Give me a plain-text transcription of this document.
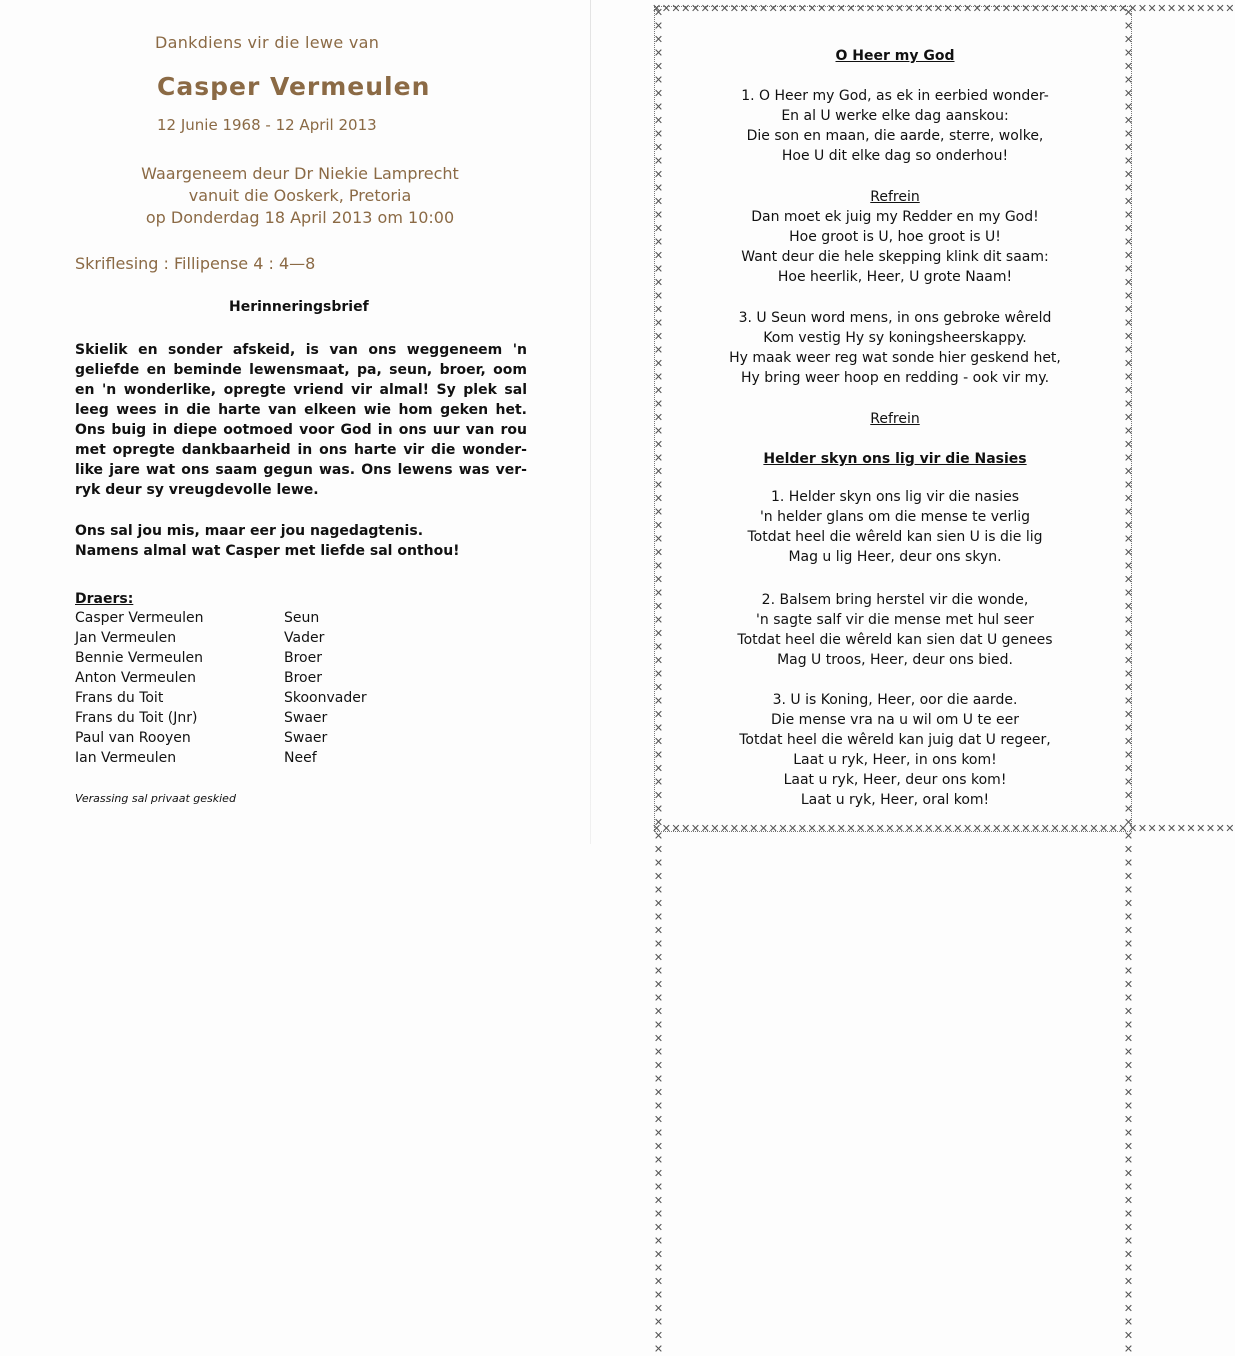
Dankdiens vir die lewe van
Casper Vermeulen
12 Junie 1968 - 12 April 2013
Waargeneem deur Dr Niekie Lamprecht
vanuit die Ooskerk, Pretoria
op Donderdag 18 April 2013 om 10:00
Skriflesing : Fillipense 4 : 4—8
Herinneringsbrief
Skielik en sonder afskeid, is van ons weggeneem 'n geliefde en beminde lewensmaat, pa, seun, broer, oom en 'n wonderlike, opregte vriend vir almal! Sy plek sal leeg wees in die harte van elkeen wie hom geken het. Ons buig in diepe ootmoed voor God in ons uur van rou met opregte dankbaarheid in ons harte vir die wonder-like jare wat ons saam gegun was. Ons lewens was ver-ryk deur sy vreugdevolle lewe.
Ons sal jou mis, maar eer jou nagedagtenis.
Namens almal wat Casper met liefde sal onthou!
Draers:
Casper Vermeulen	Seun
Jan Vermeulen	Vader
Bennie Vermeulen	Broer
Anton Vermeulen	Broer
Frans du Toit	Skoonvader
Frans du Toit (Jnr)	Swaer
Paul van Rooyen	Swaer
Ian Vermeulen	Neef
Verassing sal privaat geskied
✕✕✕✕✕✕✕✕✕✕✕✕✕✕✕✕✕✕✕✕✕✕✕✕✕✕✕✕✕✕✕✕✕✕✕✕✕✕✕✕✕✕✕✕✕✕✕✕✕✕✕✕✕✕✕✕✕✕✕✕
✕✕✕✕✕✕✕✕✕✕✕✕✕✕✕✕✕✕✕✕✕✕✕✕✕✕✕✕✕✕✕✕✕✕✕✕✕✕✕✕✕✕✕✕✕✕✕✕✕✕✕✕✕✕✕✕✕✕✕✕
✕✕✕✕✕✕✕✕✕✕✕✕✕✕✕✕✕✕✕✕✕✕✕✕✕✕✕✕✕✕✕✕✕✕✕✕✕✕✕✕✕✕✕✕✕✕✕✕✕✕✕✕✕✕✕✕✕✕✕✕✕✕✕✕✕✕✕✕✕✕✕✕✕✕✕✕✕✕✕✕✕✕✕✕✕✕✕✕✕✕✕✕✕✕✕✕✕✕✕✕	✕✕✕✕✕✕✕✕✕✕✕✕✕✕✕✕✕✕✕✕✕✕✕✕✕✕✕✕✕✕✕✕✕✕✕✕✕✕✕✕✕✕✕✕✕✕✕✕✕✕✕✕✕✕✕✕✕✕✕✕✕✕✕✕✕✕✕✕✕✕✕✕✕✕✕✕✕✕✕✕✕✕✕✕✕✕✕✕✕✕✕✕✕✕✕✕✕✕✕✕
O Heer my God
1. O Heer my God, as ek in eerbied wonder-
En al U werke elke dag aanskou:
Die son en maan, die aarde, sterre, wolke,
Hoe U dit elke dag so onderhou!
Refrein
Dan moet ek juig my Redder en my God!
Hoe groot is U, hoe groot is U!
Want deur die hele skepping klink dit saam:
Hoe heerlik, Heer, U grote Naam!
3. U Seun word mens, in ons gebroke wêreld
Kom vestig Hy sy koningsheerskappy.
Hy maak weer reg wat sonde hier geskend het,
Hy bring weer hoop en redding - ook vir my.
Refrein
Helder skyn ons lig vir die Nasies
1. Helder skyn ons lig vir die nasies
'n helder glans om die mense te verlig
Totdat heel die wêreld kan sien U is die lig
Mag u lig Heer, deur ons skyn.
2. Balsem bring herstel vir die wonde,
'n sagte salf vir die mense met hul seer
Totdat heel die wêreld kan sien dat U genees
Mag U troos, Heer, deur ons bied.
3. U is Koning, Heer, oor die aarde.
Die mense vra na u wil om U te eer
Totdat heel die wêreld kan juig dat U regeer,
Laat u ryk, Heer, in ons kom!
Laat u ryk, Heer, deur ons kom!
Laat u ryk, Heer, oral kom!
